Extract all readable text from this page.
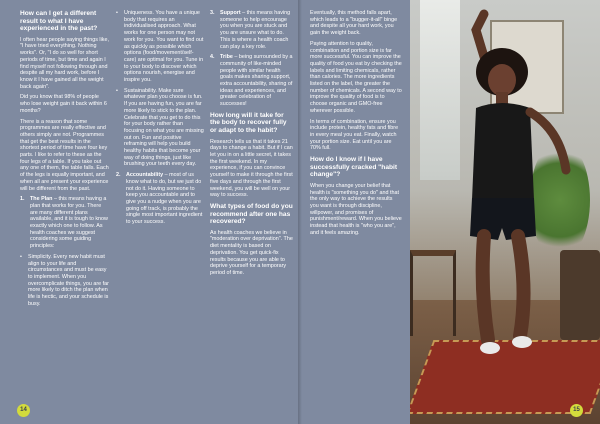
How can I get a different result to what I have experienced in the past?

I often hear people saying things like, "I have tried everything. Nothing works". Or, "I do so well for short periods of time, but time and again I find myself not following through and despite all my hard work, before I know it I have gained all the weight back again".

Did you know that 98% of people who lose weight gain it back within 6 months?

There is a reason that some programmes are really effective and others simply are not. Programmes that get the best results in the shortest period of time have four key parts. I like to refer to these as the four legs of a table. If you take out any one of them, the table falls. Each of the legs is equally important, and when all are present your experience will be different from the past.

1. The Plan – this means having a plan that works for you. There are many different plans available, and it is tough to know exactly which one to follow. As health coaches we suggest considering some guiding principles:
• Simplicity. Every new habit must align to your life and circumstances and must be easy to implement. When you overcomplicate things, you are far more likely to ditch the plan when life is hectic, and your schedule is busy.
• Uniqueness. You have a unique body that requires an individualised approach. What works for one person may not work for you. You want to find out as quickly as possible which options (food/movement/self-care) are optimal for you. Tune in to your body to discover which options nourish, energise and inspire you.
• Sustainability. Make sure whatever plan you choose is fun. If you are having fun, you are far more likely to stick to the plan. Celebrate that you get to do this for your body rather than focusing on what you are missing out on. Fun and positive reframing will help you build healthy habits that become your way of doing things, just like brushing your teeth every day.
2. Accountability – most of us know what to do, but we just do not do it. Having someone to keep you accountable and to give you a nudge when you are going off track, is probably the single most important ingredient to your success.
3. Support – this means having someone to help encourage you when you are stuck and you are unsure what to do. This is where a health coach can play a key role.
4. Tribe – being surrounded by a community of like-minded people with similar health goals makes sharing support, extra accountability, sharing of ideas and experiences, and greater celebration of successes!
How long will it take for the body to recover fully or adapt to the habit?

Research tells us that it takes 21 days to change a habit. But if I can let you in on a little secret, it takes the first weekend. In my experience, if you can convince yourself to make it through the first five days and through the first weekend, you will be well on your way to success.

What types of food do you recommend after one has recovered?

As health coaches we believe in "moderation over deprivation". The diet mentality is based on deprivation. You get quick-fix results because you are able to deprive yourself for a temporary period of time.

Eventually, this method falls apart, which leads to a "bugger-it-all" binge and despite all your hard work, you gain the weight back.

Paying attention to quality, combination and portion size is far more successful. You can improve the quality of food you eat by checking the labels and limiting chemicals, rather than calories. The more ingredients listed on the label, the greater the number of chemicals. A second way to improve the quality of food is to choose organic and GMO-free wherever possible.

In terms of combination, ensure you include protein, healthy fats and fibre in every meal you eat. Finally, watch your portion size. Eat until you are 70% full.

How do I know if I have successfully cracked "habit change"?

When you change your belief that health is "something you do" and that the only way to achieve the results you want is through discipline, willpower, and promises of punishment/reward. When you believe instead that health is "who you are", and it feels amazing.

14	15
